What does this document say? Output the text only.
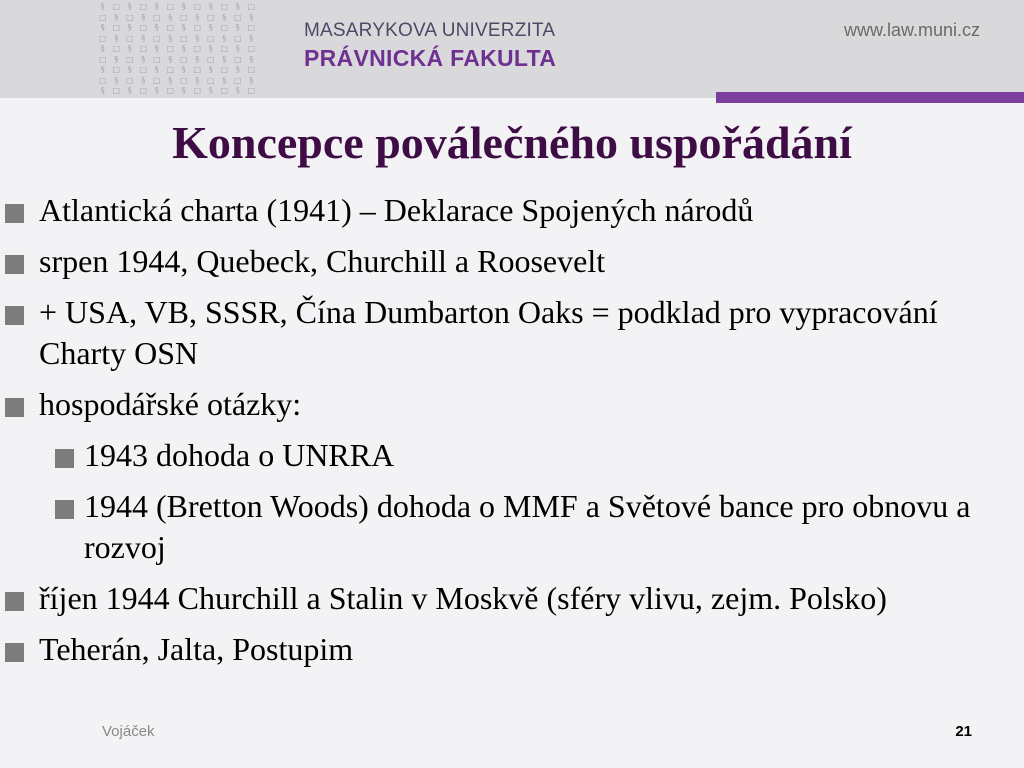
§ □ § □ § □ § □ § □ § □
□ § □ § □ § □ § □ § □ §
§ □ § □ § □ § □ § □ § □
□ § □ § □ § □ § □ § □ §
§ □ § □ § □ § □ § □ § □
□ § □ § □ § □ § □ § □ §
§ □ § □ § □ § □ § □ § □
□ § □ § □ § □ § □ § □ §
§ □ § □ § □ § □ § □ § □

MASARYKOVA UNIVERZITA

PRÁVNICKÁ FAKULTA

www.law.muni.cz
Koncepce poválečného uspořádání
Atlantická charta (1941) – Deklarace Spojených národů
srpen 1944, Quebeck, Churchill a Roosevelt
+ USA, VB, SSSR, Čína Dumbarton Oaks = podklad pro vypracování Charty OSN
hospodářské otázky:
1943 dohoda o UNRRA
1944 (Bretton Woods) dohoda o MMF a Světové bance pro obnovu a rozvoj
říjen 1944 Churchill a Stalin v Moskvě (sféry vlivu, zejm. Polsko)
Teherán, Jalta, Postupim
Vojáček	21
